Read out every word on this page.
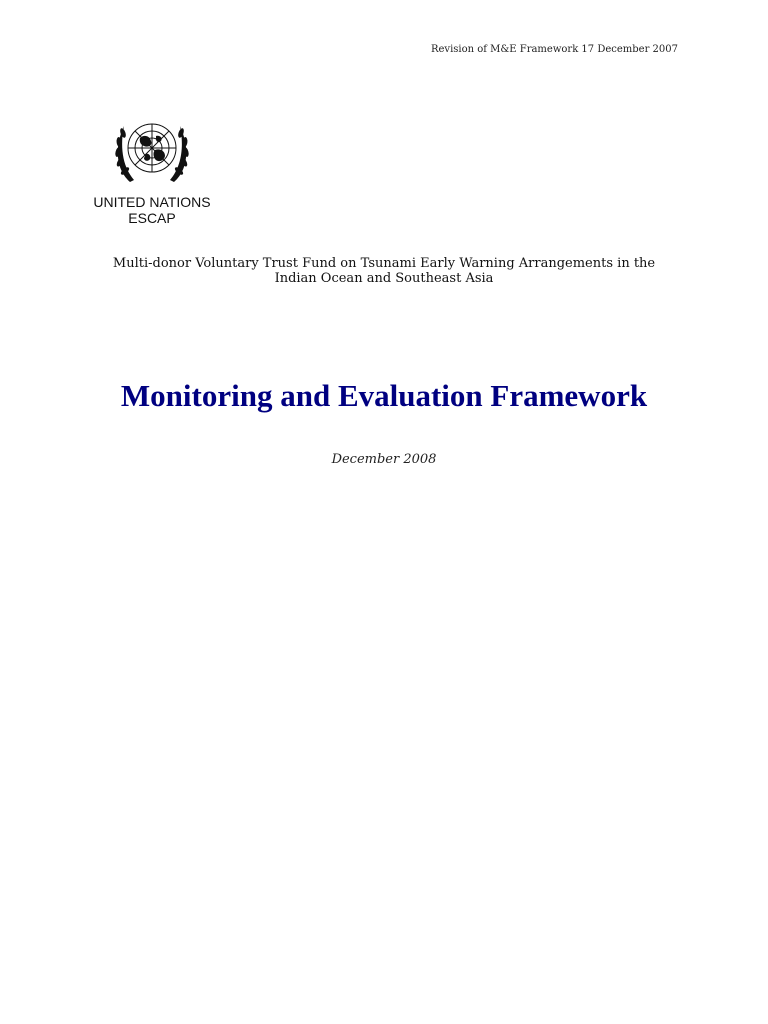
Revision of M&E Framework 17 December 2007
UNITED NATIONS
ESCAP
Multi-donor Voluntary Trust Fund on Tsunami Early Warning Arrangements in the Indian Ocean and Southeast Asia
Monitoring and Evaluation Framework
December 2008
